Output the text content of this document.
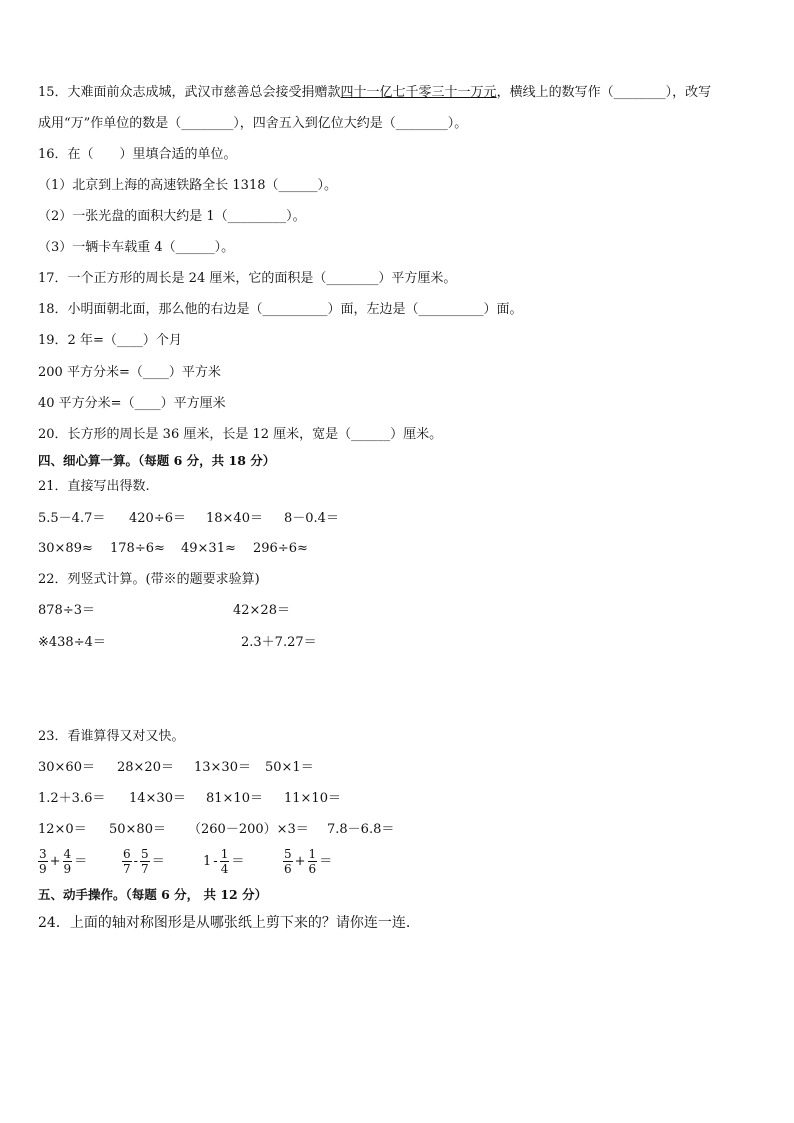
15．大难面前众志成城，武汉市慈善总会接受捐赠款四十一亿七千零三十一万元，横线上的数写作（________），改写
成用“万”作单位的数是（________），四舍五入到亿位大约是（________）。
16．在（　　）里填合适的单位。
（1）北京到上海的高速铁路全长 1318（______）。
（2）一张光盘的面积大约是 1（_________）。
（3）一辆卡车载重 4（______）。
17．一个正方形的周长是 24 厘米，它的面积是（________）平方厘米。
18．小明面朝北面，那么他的右边是（__________）面，左边是（__________）面。
19．2 年=（____）个月
200 平方分米=（____）平方米
40 平方分米=（____）平方厘米
20．长方形的周长是 36 厘米，长是 12 厘米，宽是（______）厘米。
四、细心算一算。（每题 6 分，共 18 分）
21．直接写出得数.
5.5－4.7＝ 420÷6＝ 18×40＝ 8－0.4＝
30×89≈ 178÷6≈ 49×31≈ 296÷6≈
22．列竖式计算。(带※的题要求验算)
878÷3＝	42×28＝
※438÷4＝	2.3＋7.27＝
23．看谁算得又对又快。
30×60＝ 28×20＝ 13×30＝ 50×1＝
1.2＋3.6＝ 14×30＝ 81×10＝ 11×10＝
12×0＝ 50×80＝ （260－200）×3＝ 7.8－6.8＝
$\frac{3}{9} + \frac{4}{9}$ ＝	$\frac{6}{7} - \frac{5}{7}$ ＝	$1 - \frac{1}{4}$ ＝	$\frac{5}{6} + \frac{1}{6}$ ＝
五、动手操作。（每题 6 分， 共 12 分）
24．上面的轴对称图形是从哪张纸上剪下来的？请你连一连.
